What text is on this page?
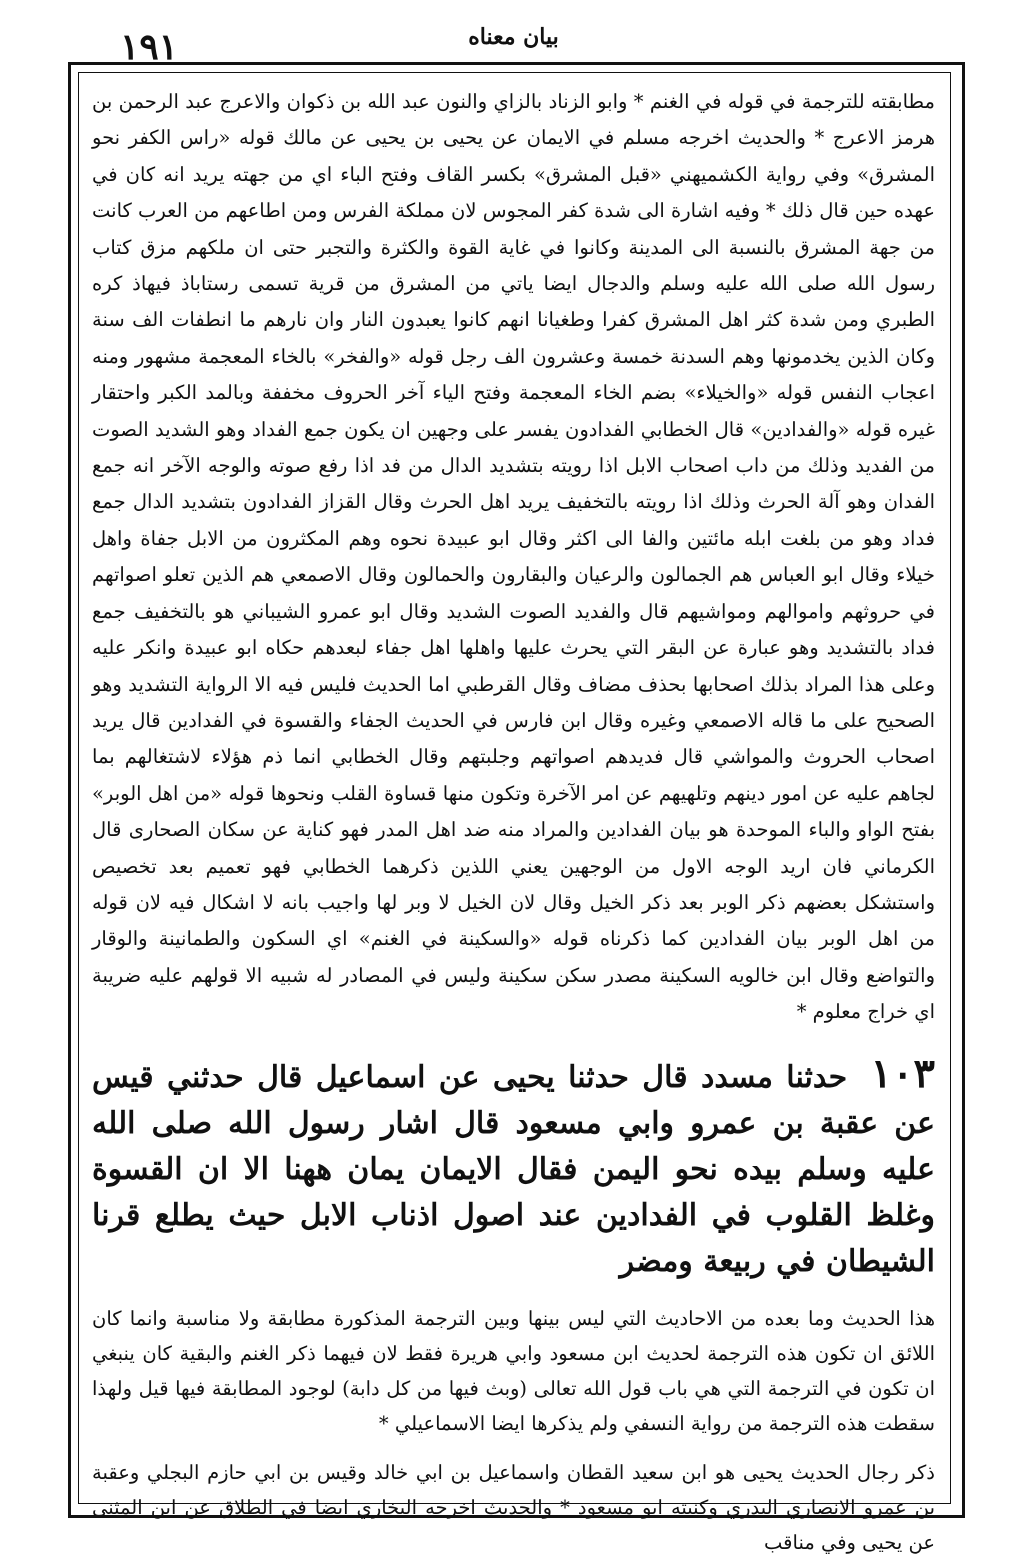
١٩١	بیان معناه

مطابقته للترجمة في قوله في الغنم * وابو الزناد بالزاي والنون عبد الله بن ذكوان والاعرج عبد الرحمن بن هرمز الاعرج * والحديث اخرجه مسلم في الايمان عن يحيى بن يحيى عن مالك قوله «راس الكفر نحو المشرق» وفي رواية الكشميهني «قبل المشرق» بكسر القاف وفتح الباء اي من جهته يريد انه كان في عهده حين قال ذلك * وفيه اشارة الى شدة كفر المجوس لان مملكة الفرس ومن اطاعهم من العرب كانت من جهة المشرق بالنسبة الى المدينة وكانوا في غاية القوة والكثرة والتجبر حتى ان ملكهم مزق كتاب رسول الله صلى الله عليه وسلم والدجال ايضا ياتي من المشرق من قرية تسمى رستاباذ فيهاذ كره الطبري ومن شدة كثر اهل المشرق كفرا وطغيانا انهم كانوا يعبدون النار وان نارهم ما انطفات الف سنة وكان الذين يخدمونها وهم السدنة خمسة وعشرون الف رجل قوله «والفخر» بالخاء المعجمة مشهور ومنه اعجاب النفس قوله «والخيلاء» بضم الخاء المعجمة وفتح الياء آخر الحروف مخففة وبالمد الكبر واحتقار غيره قوله «والفدادين» قال الخطابي الفدادون يفسر على وجهين ان يكون جمع الفداد وهو الشديد الصوت من الفديد وذلك من داب اصحاب الابل اذا رويته بتشديد الدال من فد اذا رفع صوته والوجه الآخر انه جمع الفدان وهو آلة الحرث وذلك اذا رويته بالتخفيف يريد اهل الحرث وقال القزاز الفدادون بتشديد الدال جمع فداد وهو من بلغت ابله مائتين والفا الى اكثر وقال ابو عبيدة نحوه وهم المكثرون من الابل جفاة واهل خيلاء وقال ابو العباس هم الجمالون والرعيان والبقارون والحمالون وقال الاصمعي هم الذين تعلو اصواتهم في حروثهم واموالهم ومواشيهم قال والفديد الصوت الشديد وقال ابو عمرو الشيباني هو بالتخفيف جمع فداد بالتشديد وهو عبارة عن البقر التي يحرث عليها واهلها اهل جفاء لبعدهم حكاه ابو عبيدة وانكر عليه وعلى هذا المراد بذلك اصحابها بحذف مضاف وقال القرطبي اما الحديث فليس فيه الا الرواية التشديد وهو الصحيح على ما قاله الاصمعي وغيره وقال ابن فارس في الحديث الجفاء والقسوة في الفدادين قال يريد اصحاب الحروث والمواشي قال فديدهم اصواتهم وجلبتهم وقال الخطابي انما ذم هؤلاء لاشتغالهم بما لجاهم عليه عن امور دينهم وتلهيهم عن امر الآخرة وتكون منها قساوة القلب ونحوها قوله «من اهل الوبر» بفتح الواو والباء الموحدة هو بيان الفدادين والمراد منه ضد اهل المدر فهو كناية عن سكان الصحارى قال الكرماني فان اريد الوجه الاول من الوجهين يعني اللذين ذكرهما الخطابي فهو تعميم بعد تخصيص واستشكل بعضهم ذكر الوبر بعد ذكر الخيل وقال لان الخيل لا وبر لها واجيب بانه لا اشكال فيه لان قوله من اهل الوبر بيان الفدادين كما ذكرناه قوله «والسكينة في الغنم» اي السكون والطمانينة والوقار والتواضع وقال ابن خالويه السكينة مصدر سكن سكينة وليس في المصادر له شبيه الا قولهم عليه ضريبة اي خراج معلوم *

١٠٣ حدثنا مسدد قال حدثنا يحيى عن اسماعيل قال حدثني قيس عن عقبة بن عمرو وابي مسعود قال اشار رسول الله صلى الله عليه وسلم بيده نحو اليمن فقال الايمان يمان ههنا الا ان القسوة وغلظ القلوب في الفدادين عند اصول اذناب الابل حيث يطلع قرنا الشيطان في ربيعة ومضر
هذا الحديث وما بعده من الاحاديث التي ليس بينها وبين الترجمة المذكورة مطابقة ولا مناسبة وانما كان اللائق ان تكون هذه الترجمة لحديث ابن مسعود وابي هريرة فقط لان فيهما ذكر الغنم والبقية كان ينبغي ان تكون في الترجمة التي هي باب قول الله تعالى (وبث فيها من كل دابة) لوجود المطابقة فيها قيل ولهذا سقطت هذه الترجمة من رواية النسفي ولم يذكرها ايضا الاسماعيلي *
ذكر رجال الحديث يحيى هو ابن سعيد القطان واسماعيل بن ابي خالد وقيس بن ابي حازم البجلي وعقبة بن عمرو الانصاري البدري وكنيته ابو مسعود * والحديث اخرجه البخاري ايضا في الطلاق عن ابن المثنى عن يحيى وفي مناقب
